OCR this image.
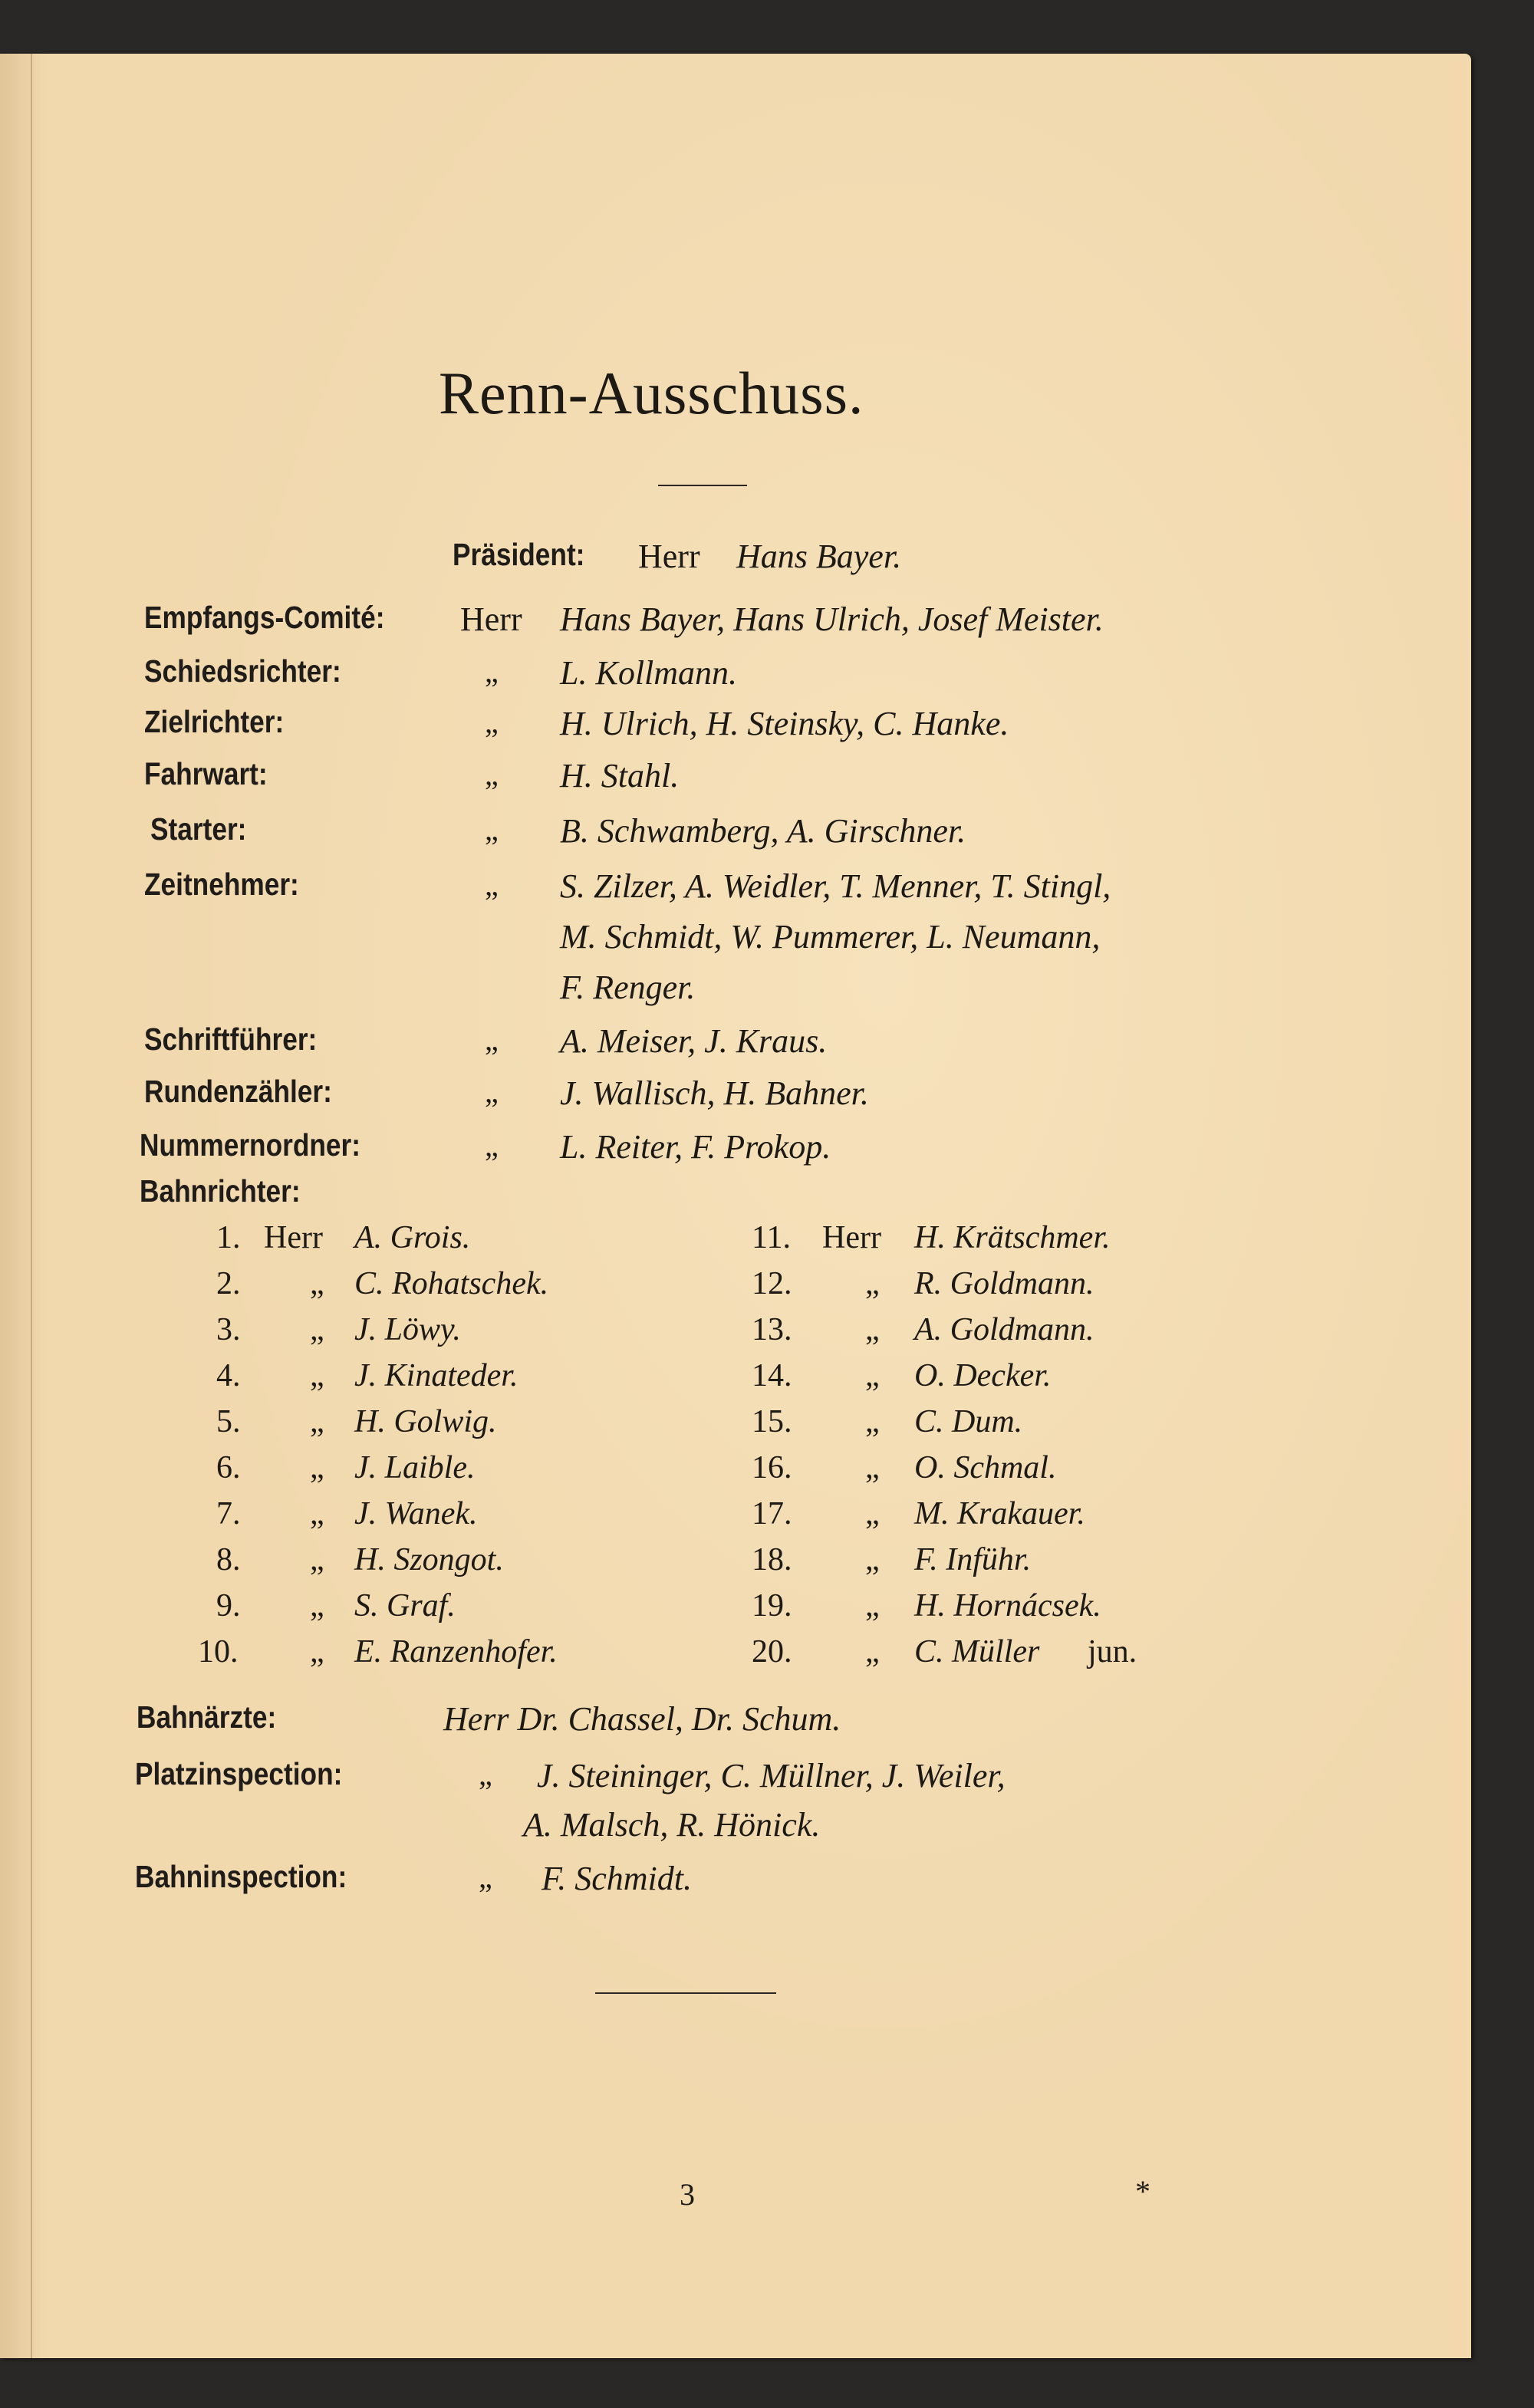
Renn-Ausschuss.
Präsident: Herr Hans Bayer.
Empfangs-Comité: Herr Hans Bayer, Hans Ulrich, Josef Meister.
Schiedsrichter:	„ L. Kollmann.
Zielrichter:	„ H. Ulrich, H. Steinsky, C. Hanke.
Fahrwart:	„ H. Stahl.
Starter:	„ B. Schwamberg, A. Girschner.
Zeitnehmer:	„ S. Zilzer, A. Weidler, T. Menner, T. Stingl,
M. Schmidt, W. Pummerer, L. Neumann,
F. Renger.
Schriftführer:	„ A. Meiser, J. Kraus.
Rundenzähler:	„ J. Wallisch, H. Bahner.
Nummernordner:	„ L. Reiter, F. Prokop.
Bahnrichter:
1. Herr A. Grois.
2. „ C. Rohatschek.
3. „ J. Löwy.
4. „ J. Kinateder.
5. „ H. Golwig.
6. „ J. Laible.
7. „ J. Wanek.
8. „ H. Szongot.
9. „ S. Graf.
10. „ E. Ranzenhofer.
11. Herr H. Krätschmer.
12. „ R. Goldmann.
13. „ A. Goldmann.
14. „ O. Decker.
15. „ C. Dum.
16. „ O. Schmal.
17. „ M. Krakauer.
18. „ F. Inführ.
19. „ H. Hornácsek.
20. „ C. Müller jun.
Bahnärzte:	Herr Dr. Chassel, Dr. Schum.
Platzinspection:	„ J. Steininger, C. Müllner, J. Weiler,
A. Malsch, R. Hönick.
Bahninspection:	„ F. Schmidt.
3	*
